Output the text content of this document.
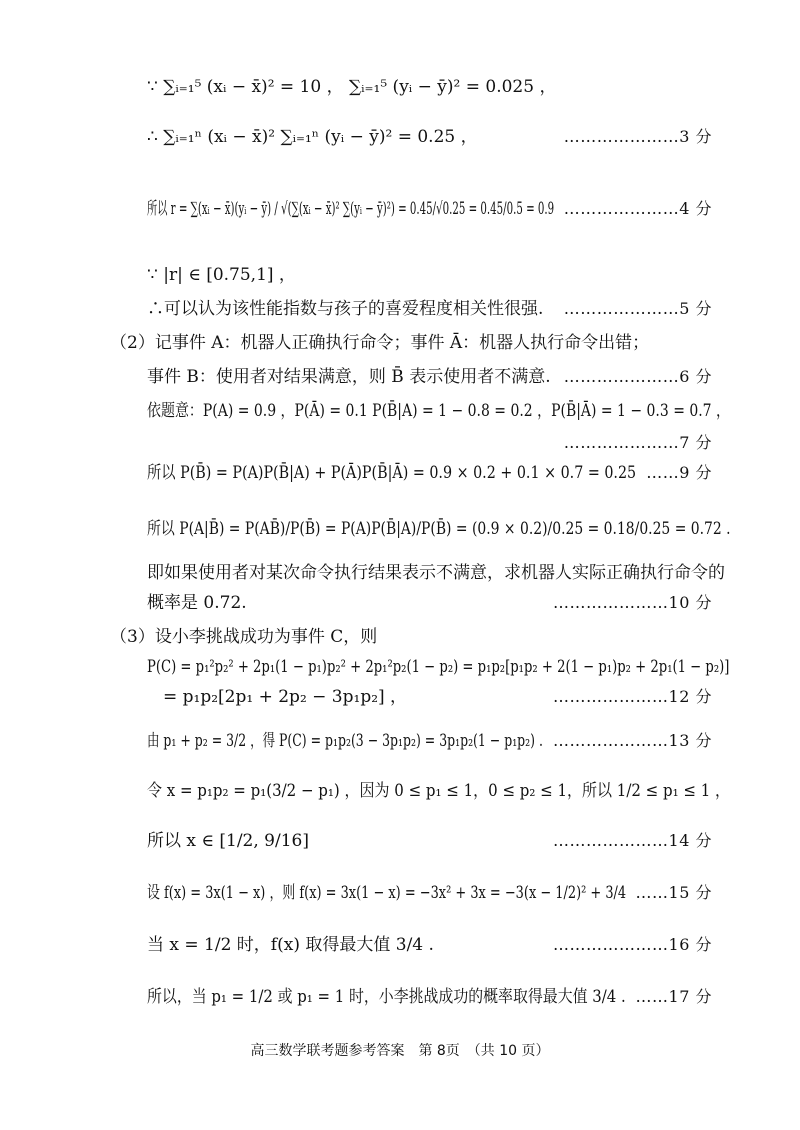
∵ ∑ᵢ₌₁⁵ (xᵢ − x̄)² = 10 ， ∑ᵢ₌₁⁵ (yᵢ − ȳ)² = 0.025 ，
∴ ∑ᵢ₌₁ⁿ (xᵢ − x̄)² ∑ᵢ₌₁ⁿ (yᵢ − ȳ)² = 0.25 ，	…………………3 分
所以 r = ∑(xᵢ − x̄)(yᵢ − ȳ) / √(∑(xᵢ − x̄)² ∑(yᵢ − ȳ)²) = 0.45/√0.25 = 0.45/0.5 = 0.9 …………………4 分
∵ |r| ∈ [0.75,1] ，
∴可以认为该性能指数与孩子的喜爱程度相关性很强. …………………5 分
（2）记事件 A：机器人正确执行命令；事件 Ā：机器人执行命令出错；
事件 B：使用者对结果满意，则 B̄ 表示使用者不满意. …………………6 分
依题意：P(A) = 0.9 ，P(Ā) = 0.1 P(B̄|A) = 1 − 0.8 = 0.2 ，P(B̄|Ā) = 1 − 0.3 = 0.7 ，
…………………7 分
所以 P(B̄) = P(A)P(B̄|A) + P(Ā)P(B̄|Ā) = 0.9 × 0.2 + 0.1 × 0.7 = 0.25 ……9 分
所以 P(A|B̄) = P(AB̄)/P(B̄) = P(A)P(B̄|A)/P(B̄) = (0.9 × 0.2)/0.25 = 0.18/0.25 = 0.72 .
即如果使用者对某次命令执行结果表示不满意，求机器人实际正确执行命令的
概率是 0.72.	…………………10 分
（3）设小李挑战成功为事件 C，则
P(C) = p₁²p₂² + 2p₁(1 − p₁)p₂² + 2p₁²p₂(1 − p₂) = p₁p₂[p₁p₂ + 2(1 − p₁)p₂ + 2p₁(1 − p₂)]
= p₁p₂[2p₁ + 2p₂ − 3p₁p₂] ，	…………………12 分
由 p₁ + p₂ = 3/2 ，得 P(C) = p₁p₂(3 − 3p₁p₂) = 3p₁p₂(1 − p₁p₂) . …………………13 分
令 x = p₁p₂ = p₁(3/2 − p₁) ，因为 0 ≤ p₁ ≤ 1，0 ≤ p₂ ≤ 1，所以 1/2 ≤ p₁ ≤ 1 ，
所以 x ∈ [1/2, 9/16]	…………………14 分
设 f(x) = 3x(1 − x) ，则 f(x) = 3x(1 − x) = −3x² + 3x = −3(x − 1/2)² + 3/4 ……15 分
当 x = 1/2 时，f(x) 取得最大值 3/4 .	…………………16 分
所以，当 p₁ = 1/2 或 p₁ = 1 时，小李挑战成功的概率取得最大值 3/4 . ……17 分
高三数学联考题参考答案　第 8页　（共 10 页）
